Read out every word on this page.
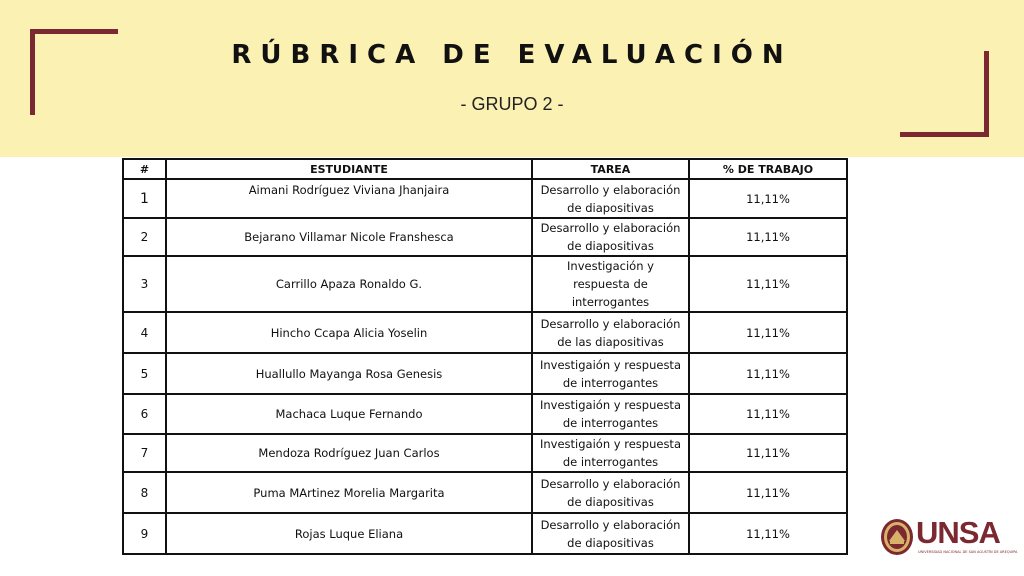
RÚBRICA DE EVALUACIÓN
- GRUPO 2 -
#	ESTUDIANTE	TAREA	% DE TRABAJO
1	Aimani Rodríguez Viviana Jhanjaira	Desarrollo y elaboración de diapositivas	11,11%
2	Bejarano Villamar Nicole Franshesca	Desarrollo y elaboración de diapositivas	11,11%
3	Carrillo Apaza Ronaldo G.	Investigación y respuesta de interrogantes	11,11%
4	Hincho Ccapa Alicia Yoselin	Desarrollo y elaboración de las diapositivas	11,11%
5	Huallullo Mayanga Rosa Genesis	Investigaión y respuesta de interrogantes	11,11%
6	Machaca Luque Fernando	Investigaión y respuesta de interrogantes	11,11%
7	Mendoza Rodríguez Juan Carlos	Investigaión y respuesta de interrogantes	11,11%
8	Puma MArtinez Morelia Margarita	Desarrollo y elaboración de diapositivas	11,11%
9	Rojas Luque Eliana	Desarrollo y elaboración de diapositivas	11,11%	UNSA
UNIVERSIDAD NACIONAL DE SAN AGUSTÍN DE AREQUIPA
